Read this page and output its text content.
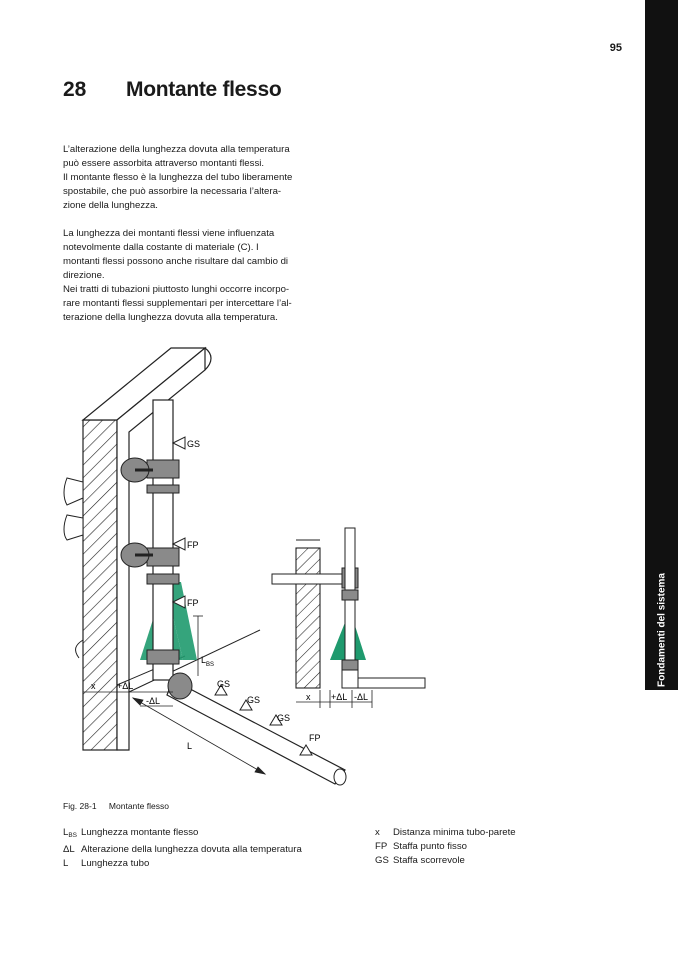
95
Fondamenti del sistema
28 Montante flesso

L’alterazione della lunghezza dovuta alla temperatura
può essere assorbita attraverso montanti flessi.
Il montante flesso è la lunghezza del tubo liberamente
spostabile, che può assorbire la necessaria l’altera-
zione della lunghezza.

La lunghezza dei montanti flessi viene influenzata
notevolmente dalla costante di materiale (C). I
montanti flessi possono anche risultare dal cambio di
direzione.
Nei tratti di tubazioni piuttosto lunghi occorre incorpo-
rare montanti flessi supplementari per intercettare l’al-
terazione della lunghezza dovuta alla temperatura.

GS
FP
FP
GS
GS
GS
FP
$L_{BS}$
x +ΔL
-ΔL
L
x +ΔL -ΔL
Fig. 28-1 Montante flesso
$L_{BS}$ Lunghezza montante flesso
ΔL Alterazione della lunghezza dovuta alla temperatura
L	Lunghezza tubo
x	Distanza minima tubo-parete
FP Staffa punto fisso
GS Staffa scorrevole
